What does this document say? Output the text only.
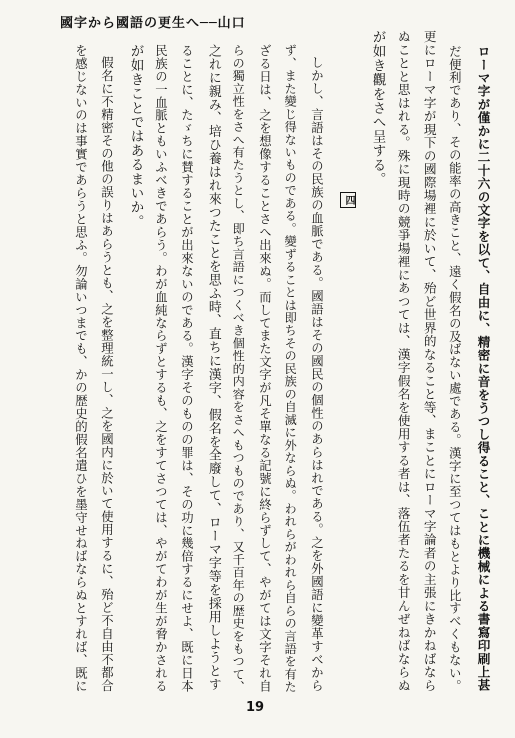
國字から國語の更生へ──山口
ローマ字が僅かに二十六の文字を以て、自由に、精密に音をうつし得ること、ことに機械による書寫印刷上甚
だ便利であり、その能率の高きこと、遠く假名の及ばない處である。漢字に至つてはもとより比すべくもない。
更にローマ字が現下の國際場裡に於いて、殆ど世界的なること等、まことにローマ字論者の主張にきかねばなら
ぬことと思はれる。殊に現時の競爭場裡にあつては、漢字假名を使用する者は、落伍者たるを甘んぜねばならぬ
が如き觀をさへ呈する。
しかし、言語はその民族の血脈である。國語はその國民の個性のあらはれである。之を外國語に變革すべから
ず、また變じ得ないものである。變ずることは即ちその民族の自滅に外ならぬ。われらがわれら自らの言語を有た
ざる日は、之を想像することさへ出來ぬ。而してまた文字が凡そ單なる記號に終らずして、やがては文字それ自
らの獨立性をさへ有たうとし、即ち言語につくべき個性的内容をさへもつものであり、又千百年の歴史をもつて、
之れに親み、培ひ養はれ來つたことを思ふ時、直ちに漢字、假名を全廢して、ローマ字等を採用しようとす
ることに、たゞちに賛することが出來ないのである。漢字そのものの罪は、その功に幾倍するにせよ、既に日本
民族の一血脈ともいふべきであらう。わが血純ならずとするも、之をすてさつては、やがてわが生が脅かされる
が如きことではあるまいか。
假名に不精密その他の誤りはあらうとも、之を整理統一し、之を國内に於いて使用するに、殆ど不自由不都合
を感じないのは事實であらうと思ふ。勿論いつまでも、かの歴史的假名遣ひを墨守せねばならぬとすれば、既に	四
19
